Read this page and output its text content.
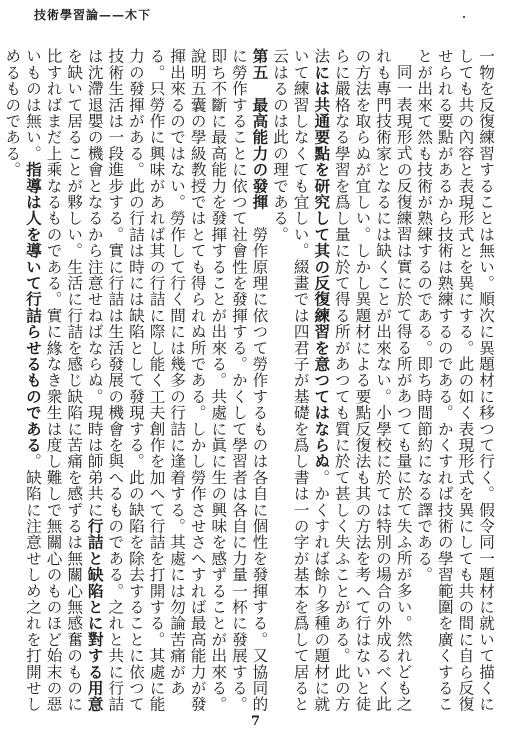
技術學習論——木下

一物を反復練習することは無い。順次に異題材に移つて行く。假令同一題材に就いて描くにしても共の內容と表現形式とを異にする。此の如く表現形式を異にしても共の間に自ら反復せられる要點があるから技術は熟練するのである。かくすれば技術の學習範圍を廣くすることが出來て然も技術が熟練するのである。即ち時間節約になる譯である。

同一表現形式の反復練習は實に於て得る所があつても量に於て失ふ所が多い。然れども之れも專門技術家となるには缺くことが出來ない。小學校に於ては特別の場合の外成るべく此の方法を取らぬが宜しい。しかし異題材による要點反復法も其の方法を考へて行はないと徒らに嚴格なる學習を爲し量に於て得る所があつても質に於て甚しく失ふことがある。此の方法には共通要點を研究して其の反復練習を意つてはならぬ。かくすれば餘り多種の題材に就いて練習しなくても宜しい。綴畫では四君子が基礎を爲し書は一の字が基本を爲して居ると云はるのは此の理である。

第五　最高能力の發揮　勞作原理に依つて勞作するものは各自に個性を發揮する。又協同的に勞作することに依つて社會性を發揮する。かくして學習者は各自に力量一杯に發展する。即ち不斷に最高能力を發揮することが出來る。共處に眞に生の興味を感ずることが出來る。說明五囊の學級教授ではとても得られぬ所である。しかし勞作させさへすれば最高能力が發揮出來るのではない。勞作して行く間には幾多の行詰に逢着する。其處には勿論苦痛がある。只勞作に興味があれば其の行詰に際し能く工夫創作を加へて行詰を打開する。其處に能力の發揮がある。此の行詰は時には缺陷として發現する。此の缺陷を除去することに依つて技術生活は一段進步する。實に行詰は生活發展の機會を與へるものである。之れと共に行詰は沈滯退嬰の機會となるから注意せねばならぬ。現時は師弟共に行詰と缺陷とに對する用意を缺いて居ることが夥しい。生活に行詰を感じ缺陷に苦痛を感ずるは無關心無感奮のものに比すればまだ上乘なるものである。實に緣なき衆生は度し難しで無關心のものほど始末の惡いものは無い。指導は人を導いて行詰らせるものである。缺陷に注意せしめ之れを打開せしめるものである。

7
